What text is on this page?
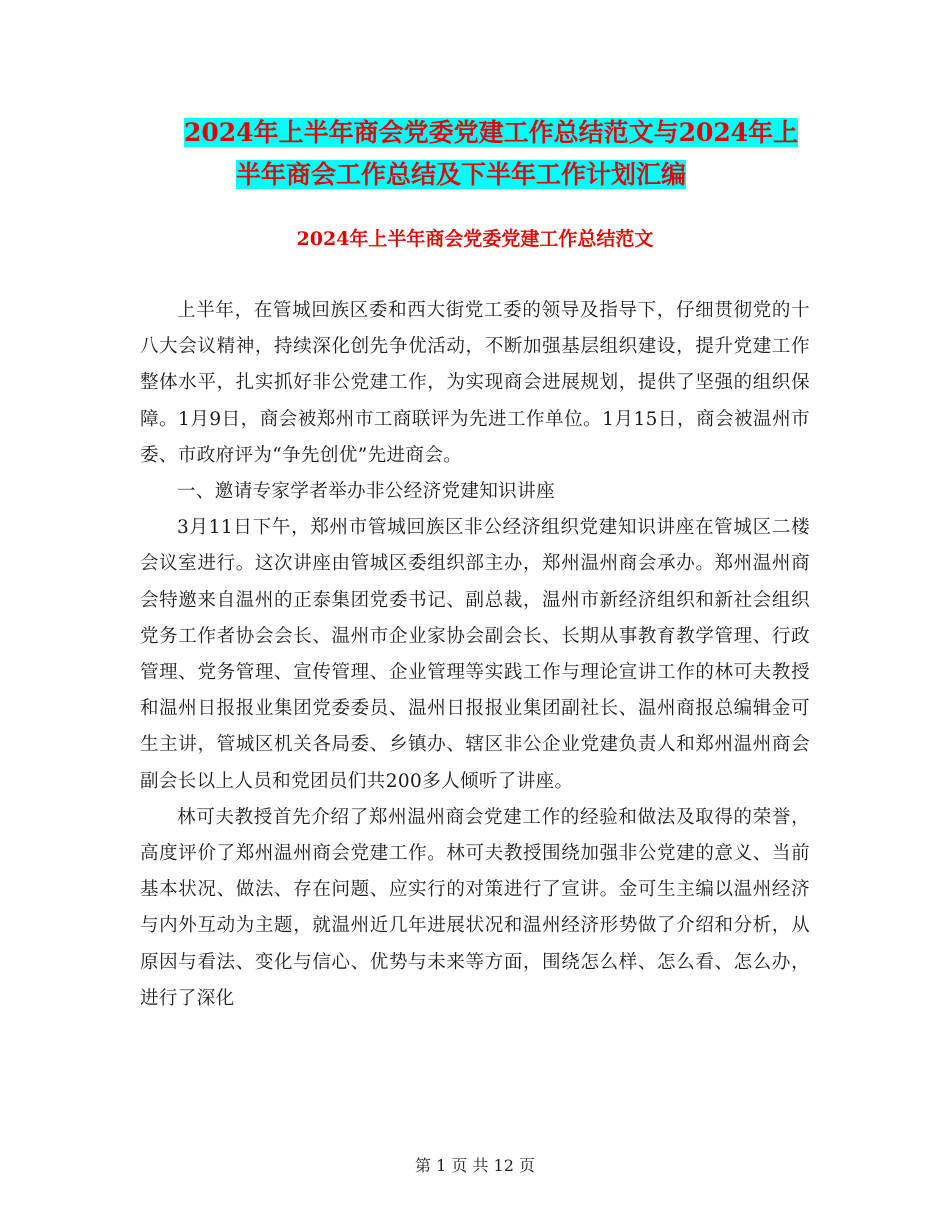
2024年上半年商会党委党建工作总结范文与2024年上
半年商会工作总结及下半年工作计划汇编
2024年上半年商会党委党建工作总结范文

上半年，在管城回族区委和西大街党工委的领导及指导下，仔细贯彻党的十八大会议精神，持续深化创先争优活动，不断加强基层组织建设，提升党建工作整体水平，扎实抓好非公党建工作，为实现商会进展规划，提供了坚强的组织保障。1月9日，商会被郑州市工商联评为先进工作单位。1月15日，商会被温州市委、市政府评为“争先创优”先进商会。

一、邀请专家学者举办非公经济党建知识讲座

3月11日下午，郑州市管城回族区非公经济组织党建知识讲座在管城区二楼会议室进行。这次讲座由管城区委组织部主办，郑州温州商会承办。郑州温州商会特邀来自温州的正泰集团党委书记、副总裁，温州市新经济组织和新社会组织党务工作者协会会长、温州市企业家协会副会长、长期从事教育教学管理、行政管理、党务管理、宣传管理、企业管理等实践工作与理论宣讲工作的林可夫教授和温州日报报业集团党委委员、温州日报报业集团副社长、温州商报总编辑金可生主讲，管城区机关各局委、乡镇办、辖区非公企业党建负责人和郑州温州商会副会长以上人员和党团员们共200多人倾听了讲座。

林可夫教授首先介绍了郑州温州商会党建工作的经验和做法及取得的荣誉，高度评价了郑州温州商会党建工作。林可夫教授围绕加强非公党建的意义、当前基本状况、做法、存在问题、应实行的对策进行了宣讲。金可生主编以温州经济与内外互动为主题，就温州近几年进展状况和温州经济形势做了介绍和分析，从原因与看法、变化与信心、优势与未来等方面，围绕怎么样、怎么看、怎么办，进行了深化

第 1 页 共 12 页
